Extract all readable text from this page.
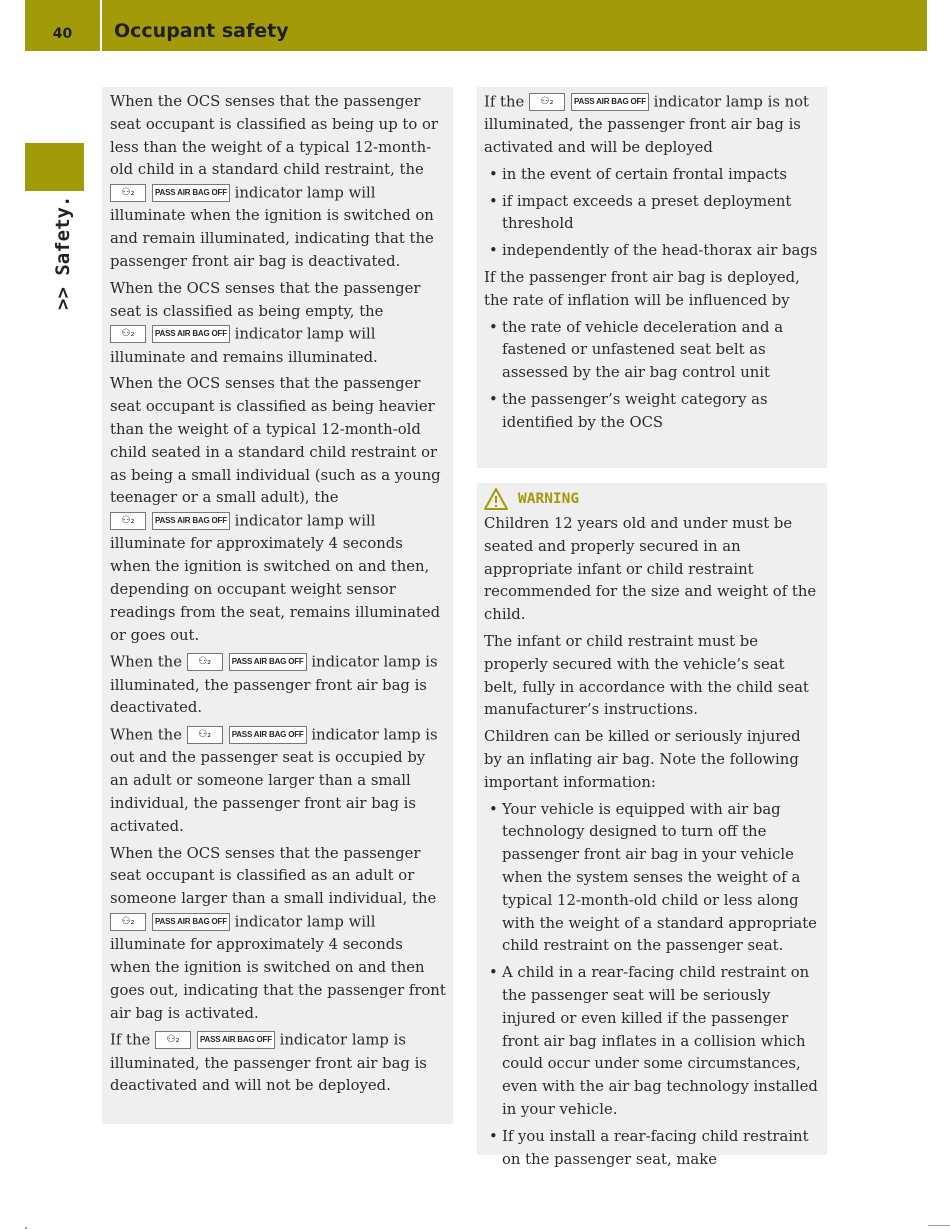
40	Occupant safety
>> Safety.

When the OCS senses that the passenger seat occupant is classified as being up to or less than the weight of a typical 12-month-old child in a standard child restraint, the ⚇₂	PASS AIR BAG OFF indicator lamp will illuminate when the ignition is switched on and remain illuminated, indicating that the passenger front air bag is deactivated.

When the OCS senses that the passenger seat is classified as being empty, the ⚇₂	PASS AIR BAG OFF indicator lamp will illuminate and remains illuminated.

When the OCS senses that the passenger seat occupant is classified as being heavier than the weight of a typical 12-month-old child seated in a standard child restraint or as being a small individual (such as a young teenager or a small adult), the ⚇₂	PASS AIR BAG OFF indicator lamp will illuminate for approximately 4 seconds when the ignition is switched on and then, depending on occupant weight sensor readings from the seat, remains illuminated or goes out.

When the ⚇₂	PASS AIR BAG OFF indicator lamp is illuminated, the passenger front air bag is deactivated.

When the ⚇₂	PASS AIR BAG OFF indicator lamp is out and the passenger seat is occupied by an adult or someone larger than a small individual, the passenger front air bag is activated.

When the OCS senses that the passenger seat occupant is classified as an adult or someone larger than a small individual, the ⚇₂	PASS AIR BAG OFF indicator lamp will illuminate for approximately 4 seconds when the ignition is switched on and then goes out, indicating that the passenger front air bag is activated.

If the ⚇₂	PASS AIR BAG OFF indicator lamp is illuminated, the passenger front air bag is deactivated and will not be deployed.

If the ⚇₂	PASS AIR BAG OFF indicator lamp is not illuminated, the passenger front air bag is activated and will be deployed

• in the event of certain frontal impacts
• if impact exceeds a preset deployment threshold
• independently of the head-thorax air bags

If the passenger front air bag is deployed, the rate of inflation will be influenced by

• the rate of vehicle deceleration and a fastened or unfastened seat belt as assessed by the air bag control unit
• the passenger’s weight category as identified by the OCS
WARNING

Children 12 years old and under must be seated and properly secured in an appropriate infant or child restraint recommended for the size and weight of the child.

The infant or child restraint must be properly secured with the vehicle’s seat belt, fully in accordance with the child seat manufacturer’s instructions.

Children can be killed or seriously injured by an inflating air bag. Note the following important information:

• Your vehicle is equipped with air bag technology designed to turn off the passenger front air bag in your vehicle when the system senses the weight of a typical 12-month-old child or less along with the weight of a standard appropriate child restraint on the passenger seat.
• A child in a rear-facing child restraint on the passenger seat will be seriously injured or even killed if the passenger front air bag inflates in a collision which could occur under some circumstances, even with the air bag technology installed in your vehicle.
• If you install a rear-facing child restraint on the passenger seat, make
